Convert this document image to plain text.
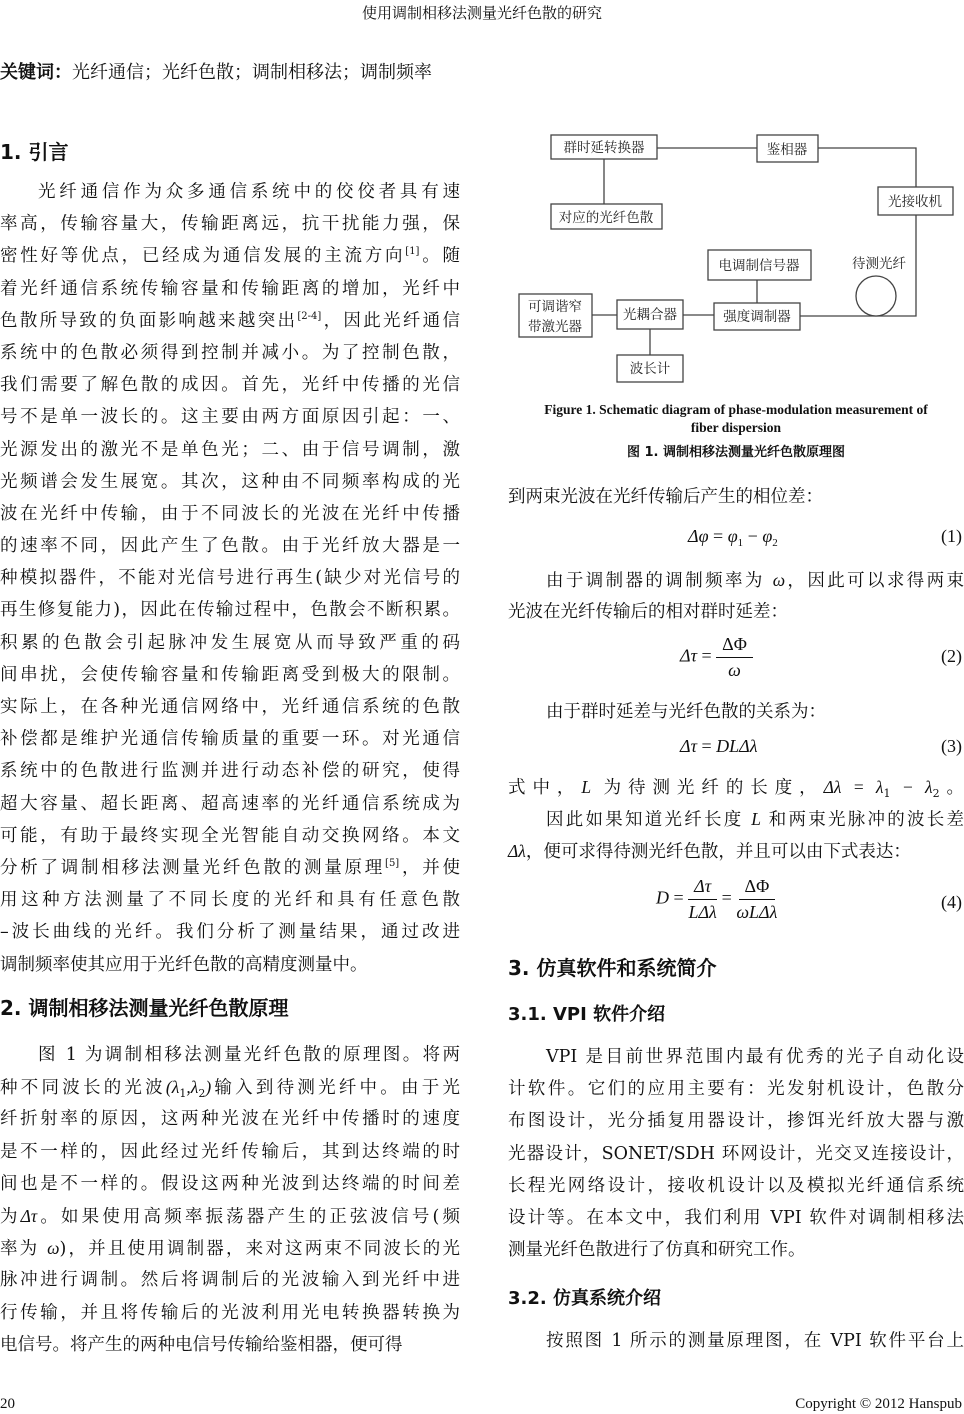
使用调制相移法测量光纤色散的研究
关键词：光纤通信；光纤色散；调制相移法；调制频率
1. 引言
光纤通信作为众多通信系统中的佼佼者具有速
率高，传输容量大，传输距离远，抗干扰能力强，保
密性好等优点，已经成为通信发展的主流方向[1]。随
着光纤通信系统传输容量和传输距离的增加，光纤中
色散所导致的负面影响越来越突出[2-4]，因此光纤通信
系统中的色散必须得到控制并减小。为了控制色散，
我们需要了解色散的成因。首先，光纤中传播的光信
号不是单一波长的。这主要由两方面原因引起：一、
光源发出的激光不是单色光；二、由于信号调制，激
光频谱会发生展宽。其次，这种由不同频率构成的光
波在光纤中传输，由于不同波长的光波在光纤中传播
的速率不同，因此产生了色散。由于光纤放大器是一
种模拟器件，不能对光信号进行再生(缺少对光信号的
再生修复能力)，因此在传输过程中，色散会不断积累。
积累的色散会引起脉冲发生展宽从而导致严重的码
间串扰，会使传输容量和传输距离受到极大的限制。
实际上，在各种光通信网络中，光纤通信系统的色散
补偿都是维护光通信传输质量的重要一环。对光通信
系统中的色散进行监测并进行动态补偿的研究，使得
超大容量、超长距离、超高速率的光纤通信系统成为
可能，有助于最终实现全光智能自动交换网络。本文
分析了调制相移法测量光纤色散的测量原理[5]，并使
用这种方法测量了不同长度的光纤和具有任意色散
–波长曲线的光纤。我们分析了测量结果，通过改进
调制频率使其应用于光纤色散的高精度测量中。
2. 调制相移法测量光纤色散原理
图 1 为调制相移法测量光纤色散的原理图。将两
种不同波长的光波$(\lambda_1,\lambda_2)$输入到待测光纤中。由于光
纤折射率的原因，这两种光波在光纤中传播时的速度
是不一样的，因此经过光纤传输后，其到达终端的时
间也是不一样的。假设这两种光波到达终端的时间差
为Δτ。如果使用高频率振荡器产生的正弦波信号(频
率为 ω)，并且使用调制器，来对这两束不同波长的光
脉冲进行调制。然后将调制后的光波输入到光纤中进
行传输，并且将传输后的光波利用光电转换器转换为
电信号。将产生的两种电信号传输给鉴相器，便可得
群时延转换器	鉴相器
光接收机
对应的光纤色散
电调制信号器
可调谐窄
带激光器
光耦合器	强度调制器
波长计
待测光纤
Figure 1. Schematic diagram of phase-modulation measurement of
fiber dispersion
图 1. 调制相移法测量光纤色散原理图
到两束光波在光纤传输后产生的相位差：
$\Delta\varphi = \varphi_1 - \varphi_2$	(1)
由于调制器的调制频率为 ω，因此可以求得两束
光波在光纤传输后的相对群时延差：
$\Delta\tau = \frac{\Delta\Phi}{\omega}$	(2)
由于群时延差与光纤色散的关系为：
Δτ = DLΔλ	(3)
式中，L 为待测光纤的长度，$\Delta\lambda = \lambda_1 - \lambda_2$。
因此如果知道光纤长度 L 和两束光脉冲的波长差
Δλ，便可求得待测光纤色散，并且可以由下式表达：
$D = \frac{\Delta\tau}{\text{LΔλ}} = \frac{\Delta\Phi}{\text{ωLΔλ}}$	(4)
3. 仿真软件和系统简介
3.1. VPI 软件介绍
VPI 是目前世界范围内最有优秀的光子自动化设
计软件。它们的应用主要有：光发射机设计，色散分
布图设计，光分插复用器设计，掺饵光纤放大器与激
光器设计，SONET/SDH 环网设计，光交叉连接设计，
长程光网络设计，接收机设计以及模拟光纤通信系统
设计等。在本文中，我们利用 VPI 软件对调制相移法
测量光纤色散进行了仿真和研究工作。
3.2. 仿真系统介绍
按照图 1 所示的测量原理图，在 VPI 软件平台上
20	Copyright © 2012 Hanspub
